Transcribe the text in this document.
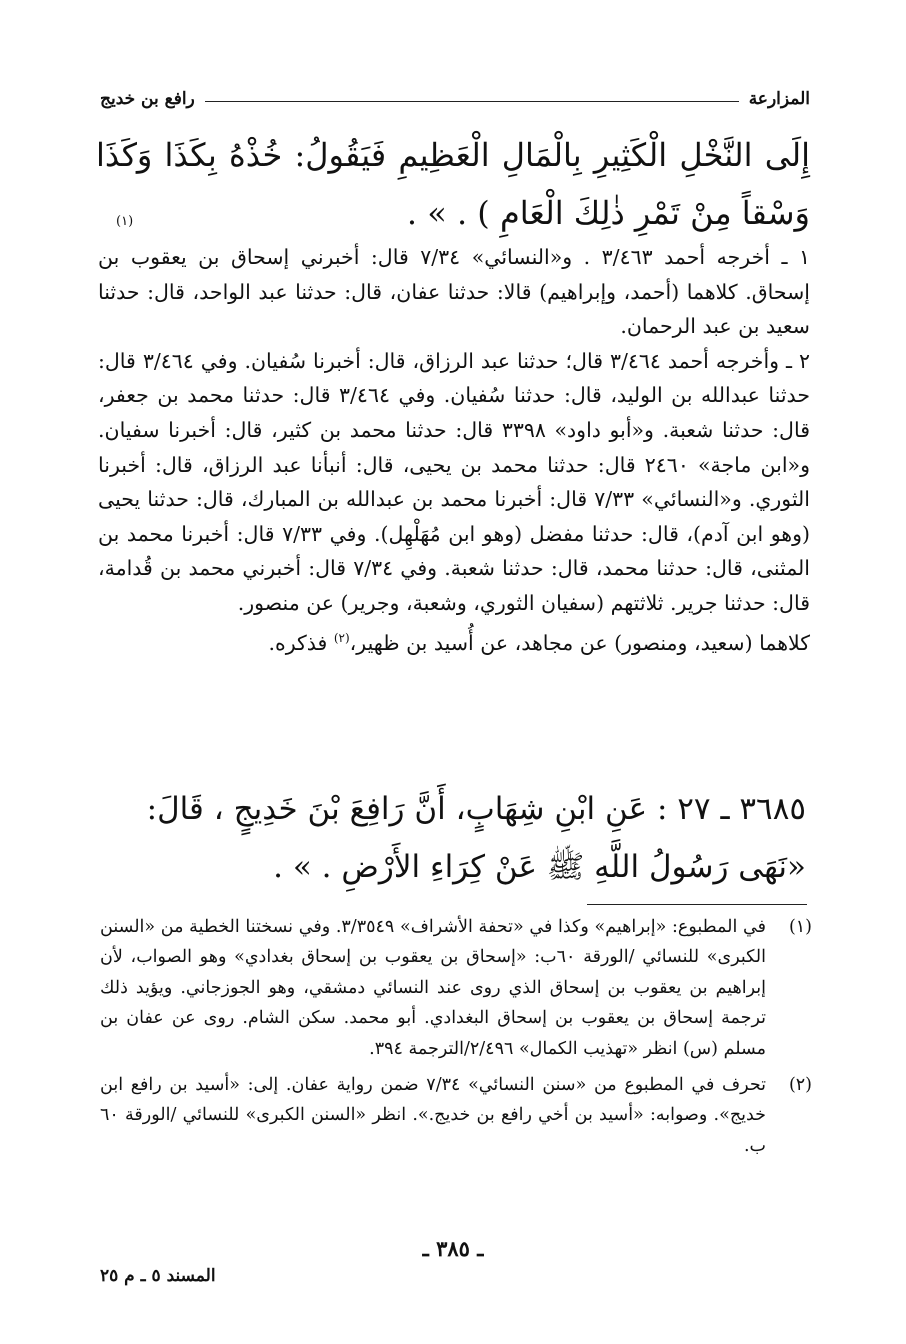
المزارعة
رافع بن خديج
إِلَى النَّخْلِ الْكَثِيرِ بِالْمَالِ الْعَظِيمِ فَيَقُولُ: خُذْهُ بِكَذَا وَكَذَا وَسْقاً مِنْ تَمْرِ ذٰلِكَ الْعَامِ ) . » .
(١)

١ ـ أخرجه أحمد ٣/٤٦٣ . و«النسائي» ٧/٣٤ قال: أخبرني إسحاق بن يعقوب بن إسحاق. كلاهما (أحمد، وإبراهيم) قالا: حدثنا عفان، قال: حدثنا عبد الواحد، قال: حدثنا سعيد بن عبد الرحمان.

٢ ـ وأخرجه أحمد ٣/٤٦٤ قال؛ حدثنا عبد الرزاق، قال: أخبرنا سُفيان. وفي ٣/٤٦٤ قال: حدثنا عبدالله بن الوليد، قال: حدثنا سُفيان. وفي ٣/٤٦٤ قال: حدثنا محمد بن جعفر، قال: حدثنا شعبة. و«أبو داود» ٣٣٩٨ قال: حدثنا محمد بن كثير، قال: أخبرنا سفيان. و«ابن ماجة» ٢٤٦٠ قال: حدثنا محمد بن يحيى، قال: أنبأنا عبد الرزاق، قال: أخبرنا الثوري. و«النسائي» ٧/٣٣ قال: أخبرنا محمد بن عبدالله بن المبارك، قال: حدثنا يحيى (وهو ابن آدم)، قال: حدثنا مفضل (وهو ابن مُهَلْهِل). وفي ٧/٣٣ قال: أخبرنا محمد بن المثنى، قال: حدثنا محمد، قال: حدثنا شعبة. وفي ٧/٣٤ قال: أخبرني محمد بن قُدامة، قال: حدثنا جرير. ثلاثتهم (سفيان الثوري، وشعبة، وجرير) عن منصور.

كلاهما (سعيد، ومنصور) عن مجاهد، عن أُسيد بن ظهير،$^{(٢)}$ فذكره.

٣٦٨٥ ـ ٢٧ : عَنِ ابْنِ شِهَابٍ، أَنَّ رَافِعَ بْنَ خَدِيجٍ ، قَالَ:
«نَهَى رَسُولُ اللَّهِ ﷺ عَنْ كِرَاءِ الأَرْضِ . » .
(١)
في المطبوع: «إبراهيم» وكذا في «تحفة الأشراف» ٣/٣٥٤٩. وفي نسختنا الخطية من «السنن الكبرى» للنسائي /الورقة ٦٠ب: «إسحاق بن يعقوب بن إسحاق بغدادي» وهو الصواب، لأن إبراهيم بن يعقوب بن إسحاق الذي روى عند النسائي دمشقي، وهو الجوزجاني. ويؤيد ذلك ترجمة إسحاق بن يعقوب بن إسحاق البغدادي. أبو محمد. سكن الشام. روى عن عفان بن مسلم (س) انظر «تهذيب الكمال» ٢/٤٩٦/الترجمة ٣٩٤.
(٢)
تحرف في المطبوع من «سنن النسائي» ٧/٣٤ ضمن رواية عفان. إلى: «أسيد بن رافع ابن خديج». وصوابه: «أسيد بن أخي رافع بن خديج.». انظر «السنن الكبرى» للنسائي /الورقة ٦٠ ب.
ـ ٣٨٥ ـ
المسند ٥ ـ م ٢٥
